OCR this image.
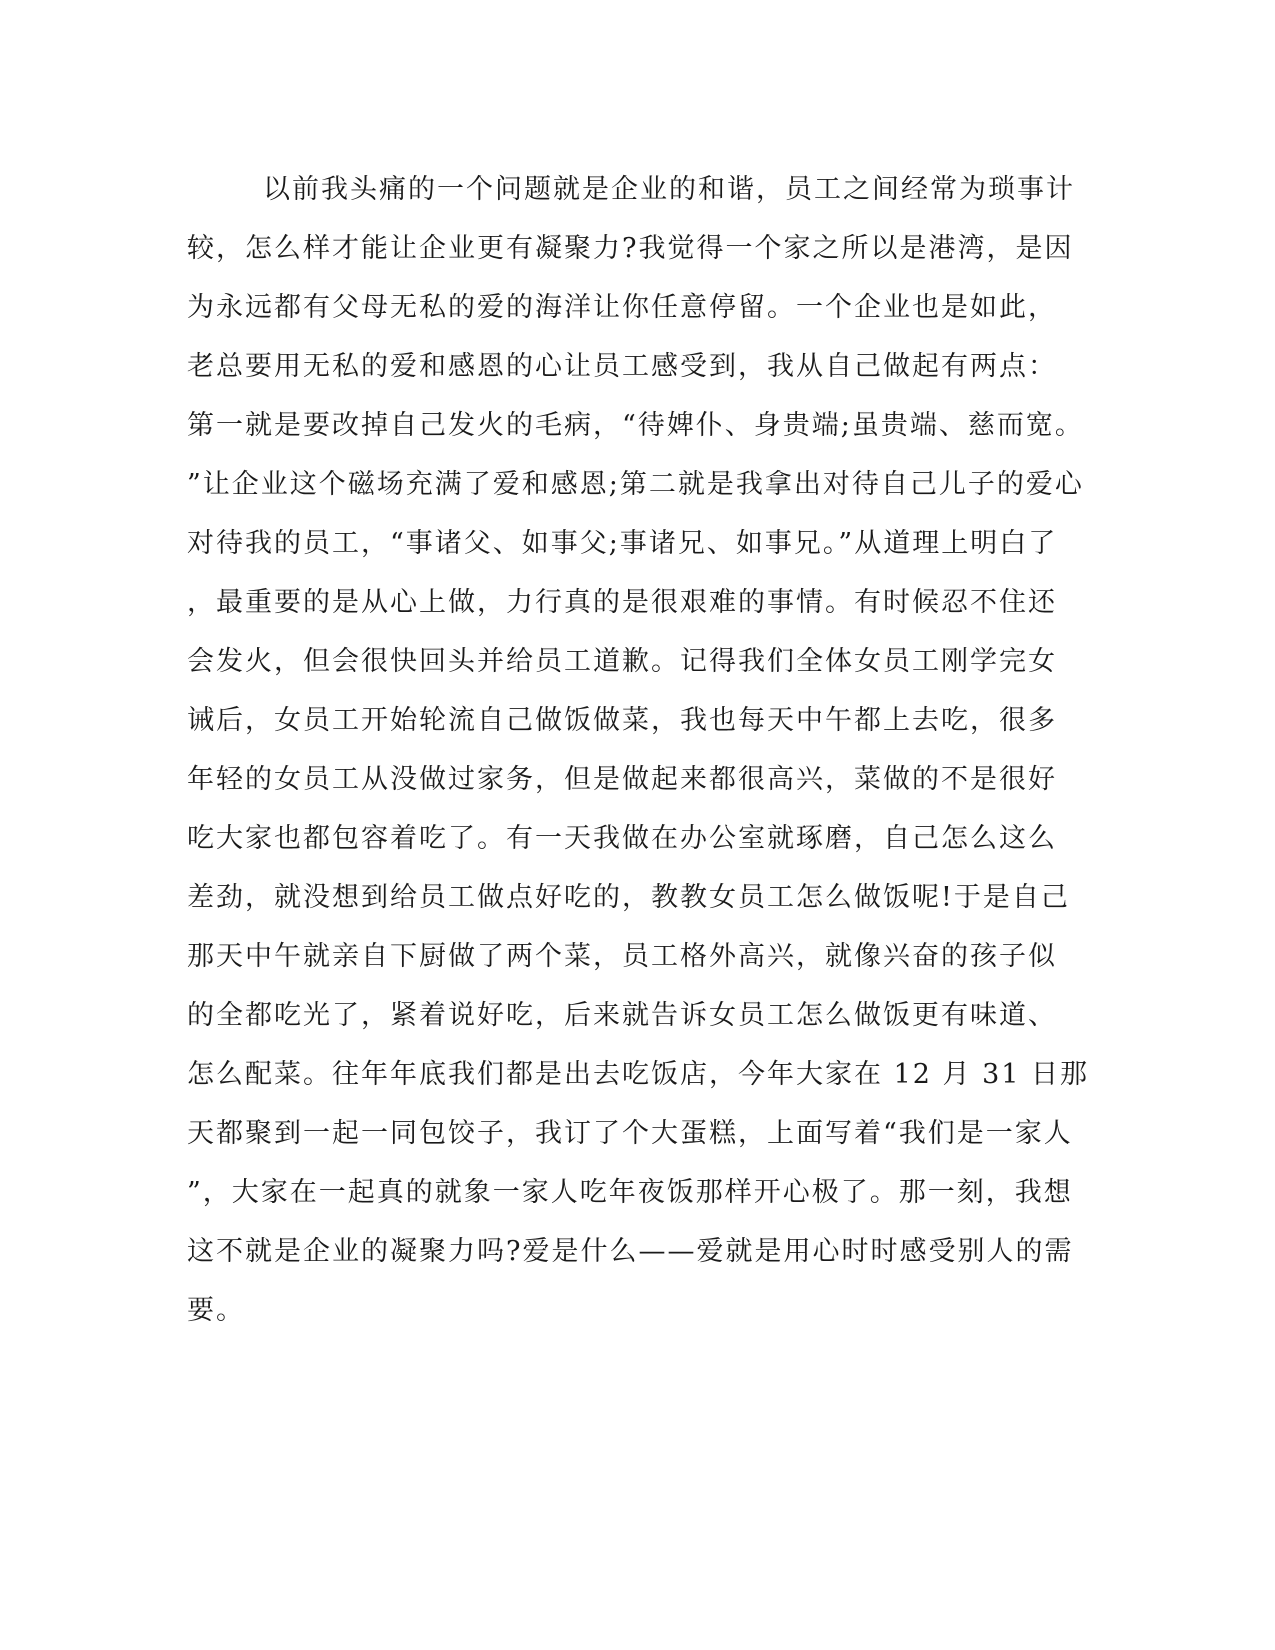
以前我头痛的一个问题就是企业的和谐，员工之间经常为琐事计
较，怎么样才能让企业更有凝聚力?我觉得一个家之所以是港湾，是因
为永远都有父母无私的爱的海洋让你任意停留。一个企业也是如此，
老总要用无私的爱和感恩的心让员工感受到，我从自己做起有两点：
第一就是要改掉自己发火的毛病，“待婢仆、身贵端;虽贵端、慈而宽。
”让企业这个磁场充满了爱和感恩;第二就是我拿出对待自己儿子的爱心
对待我的员工，“事诸父、如事父;事诸兄、如事兄。”从道理上明白了
，最重要的是从心上做，力行真的是很艰难的事情。有时候忍不住还
会发火，但会很快回头并给员工道歉。记得我们全体女员工刚学完女
诫后，女员工开始轮流自己做饭做菜，我也每天中午都上去吃，很多
年轻的女员工从没做过家务，但是做起来都很高兴，菜做的不是很好
吃大家也都包容着吃了。有一天我做在办公室就琢磨，自己怎么这么
差劲，就没想到给员工做点好吃的，教教女员工怎么做饭呢!于是自己
那天中午就亲自下厨做了两个菜，员工格外高兴，就像兴奋的孩子似
的全都吃光了，紧着说好吃，后来就告诉女员工怎么做饭更有味道、
怎么配菜。往年年底我们都是出去吃饭店，今年大家在 12 月 31 日那
天都聚到一起一同包饺子，我订了个大蛋糕，上面写着“我们是一家人
”，大家在一起真的就象一家人吃年夜饭那样开心极了。那一刻，我想
这不就是企业的凝聚力吗?爱是什么——爱就是用心时时感受别人的需
要。
